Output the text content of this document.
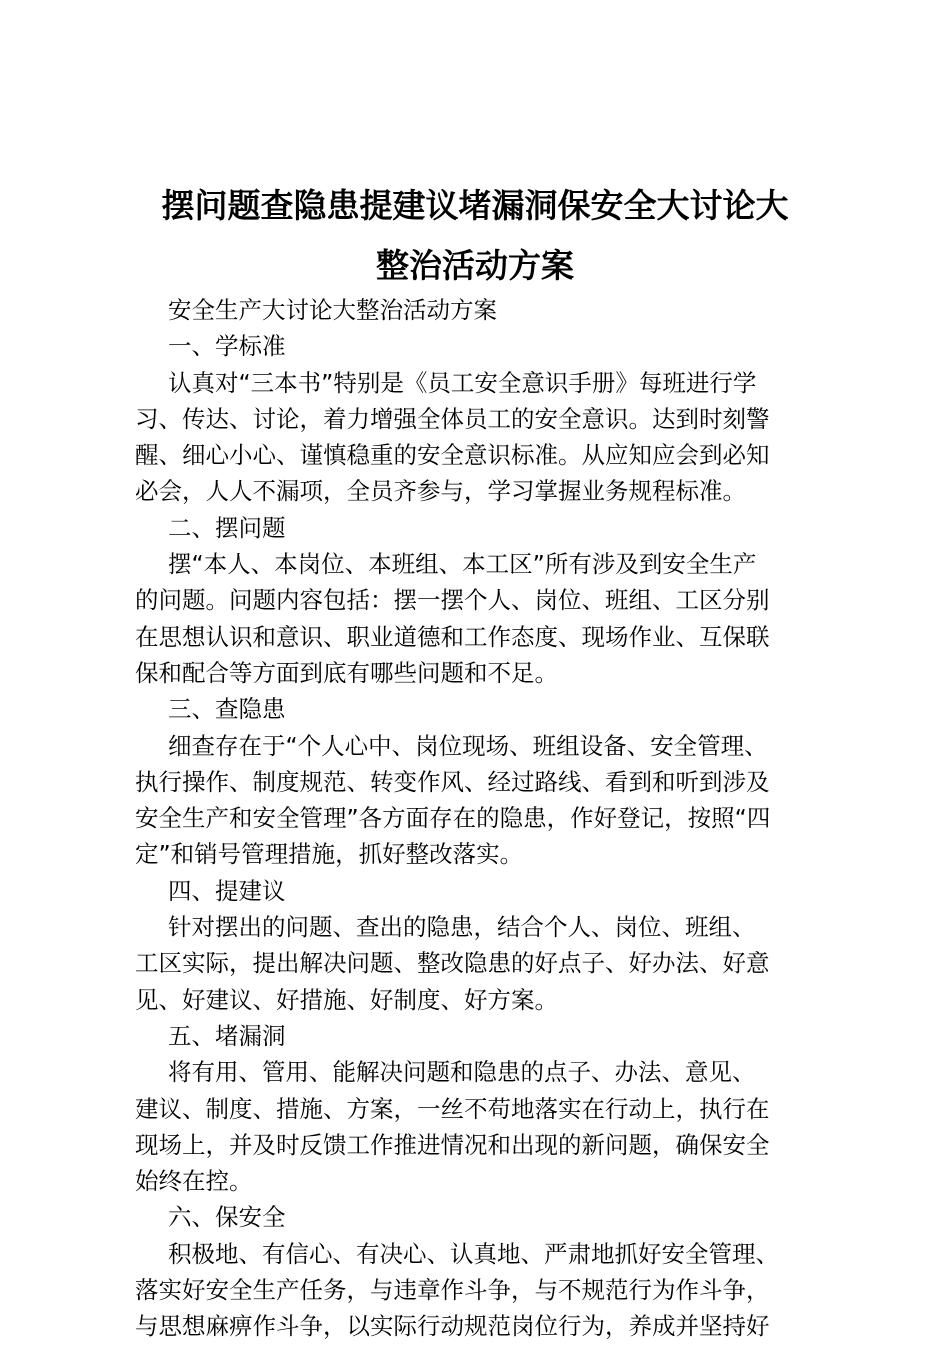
摆问题查隐患提建议堵漏洞保安全大讨论大
整治活动方案

安全生产大讨论大整治活动方案

一、学标准

认真对“三本书”特别是《员工安全意识手册》每班进行学

习、传达、讨论，着力增强全体员工的安全意识。达到时刻警

醒、细心小心、谨慎稳重的安全意识标准。从应知应会到必知

必会，人人不漏项，全员齐参与，学习掌握业务规程标准。

二、摆问题

摆“本人、本岗位、本班组、本工区”所有涉及到安全生产

的问题。问题内容包括：摆一摆个人、岗位、班组、工区分别

在思想认识和意识、职业道德和工作态度、现场作业、互保联

保和配合等方面到底有哪些问题和不足。

三、查隐患

细查存在于“个人心中、岗位现场、班组设备、安全管理、

执行操作、制度规范、转变作风、经过路线、看到和听到涉及

安全生产和安全管理”各方面存在的隐患，作好登记，按照“四

定”和销号管理措施，抓好整改落实。

四、提建议

针对摆出的问题、查出的隐患，结合个人、岗位、班组、

工区实际，提出解决问题、整改隐患的好点子、好办法、好意

见、好建议、好措施、好制度、好方案。

五、堵漏洞

将有用、管用、能解决问题和隐患的点子、办法、意见、

建议、制度、措施、方案，一丝不苟地落实在行动上，执行在

现场上，并及时反馈工作推进情况和出现的新问题，确保安全

始终在控。

六、保安全

积极地、有信心、有决心、认真地、严肃地抓好安全管理、

落实好安全生产任务，与违章作斗争，与不规范行为作斗争，

与思想麻痹作斗争，以实际行动规范岗位行为，养成并坚持好
